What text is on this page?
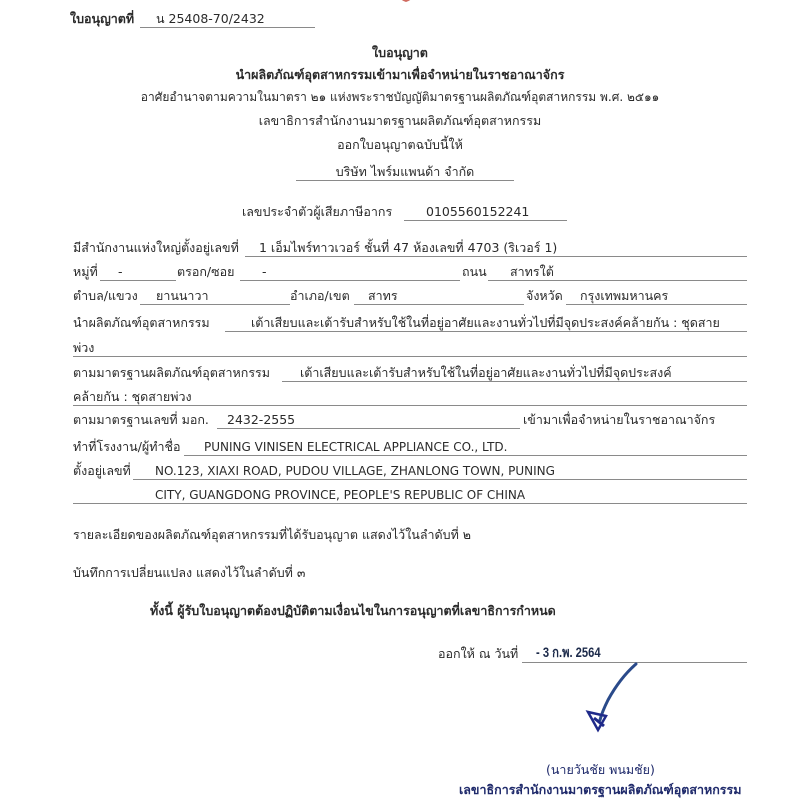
ใบอนุญาตที่	น 25408-70/2432
ใบอนุญาต
นำผลิตภัณฑ์อุตสาหกรรมเข้ามาเพื่อจำหน่ายในราชอาณาจักร
อาศัยอำนาจตามความในมาตรา ๒๑ แห่งพระราชบัญญัติมาตรฐานผลิตภัณฑ์อุตสาหกรรม พ.ศ. ๒๕๑๑
เลขาธิการสำนักงานมาตรฐานผลิตภัณฑ์อุตสาหกรรม
ออกใบอนุญาตฉบับนี้ให้
บริษัท ไพร์มแพนด้า จำกัด
เลขประจำตัวผู้เสียภาษีอากร	0105560152241
มีสำนักงานแห่งใหญ่ตั้งอยู่เลขที่	1 เอ็มไพร์ทาวเวอร์ ชั้นที่ 47 ห้องเลขที่ 4703 (ริเวอร์ 1)
หมู่ที่	-	ตรอก/ซอย	-	ถนน	สาทรใต้
ตำบล/แขวง	ยานนาวา	อำเภอ/เขต	สาทร	จังหวัด	กรุงเทพมหานคร
นำผลิตภัณฑ์อุตสาหกรรม	เต้าเสียบและเต้ารับสำหรับใช้ในที่อยู่อาศัยและงานทั่วไปที่มีจุดประสงค์คล้ายกัน : ชุดสาย
พ่วง
ตามมาตรฐานผลิตภัณฑ์อุตสาหกรรม	เต้าเสียบและเต้ารับสำหรับใช้ในที่อยู่อาศัยและงานทั่วไปที่มีจุดประสงค์
คล้ายกัน : ชุดสายพ่วง
ตามมาตรฐานเลขที่ มอก.	2432-2555	เข้ามาเพื่อจำหน่ายในราชอาณาจักร
ทำที่โรงงาน/ผู้ทำชื่อ	PUNING VINISEN ELECTRICAL APPLIANCE CO., LTD.
ตั้งอยู่เลขที่	NO.123, XIAXI ROAD, PUDOU VILLAGE, ZHANLONG TOWN, PUNING
CITY, GUANGDONG PROVINCE, PEOPLE'S REPUBLIC OF CHINA
รายละเอียดของผลิตภัณฑ์อุตสาหกรรมที่ได้รับอนุญาต แสดงไว้ในลำดับที่ ๒
บันทึกการเปลี่ยนแปลง แสดงไว้ในลำดับที่ ๓
ทั้งนี้ ผู้รับใบอนุญาตต้องปฏิบัติตามเงื่อนไขในการอนุญาตที่เลขาธิการกำหนด
ออกให้ ณ วันที่ - 3 ก.พ. 2564
(นายวันชัย พนมชัย)
เลขาธิการสำนักงานมาตรฐานผลิตภัณฑ์อุตสาหกรรม
